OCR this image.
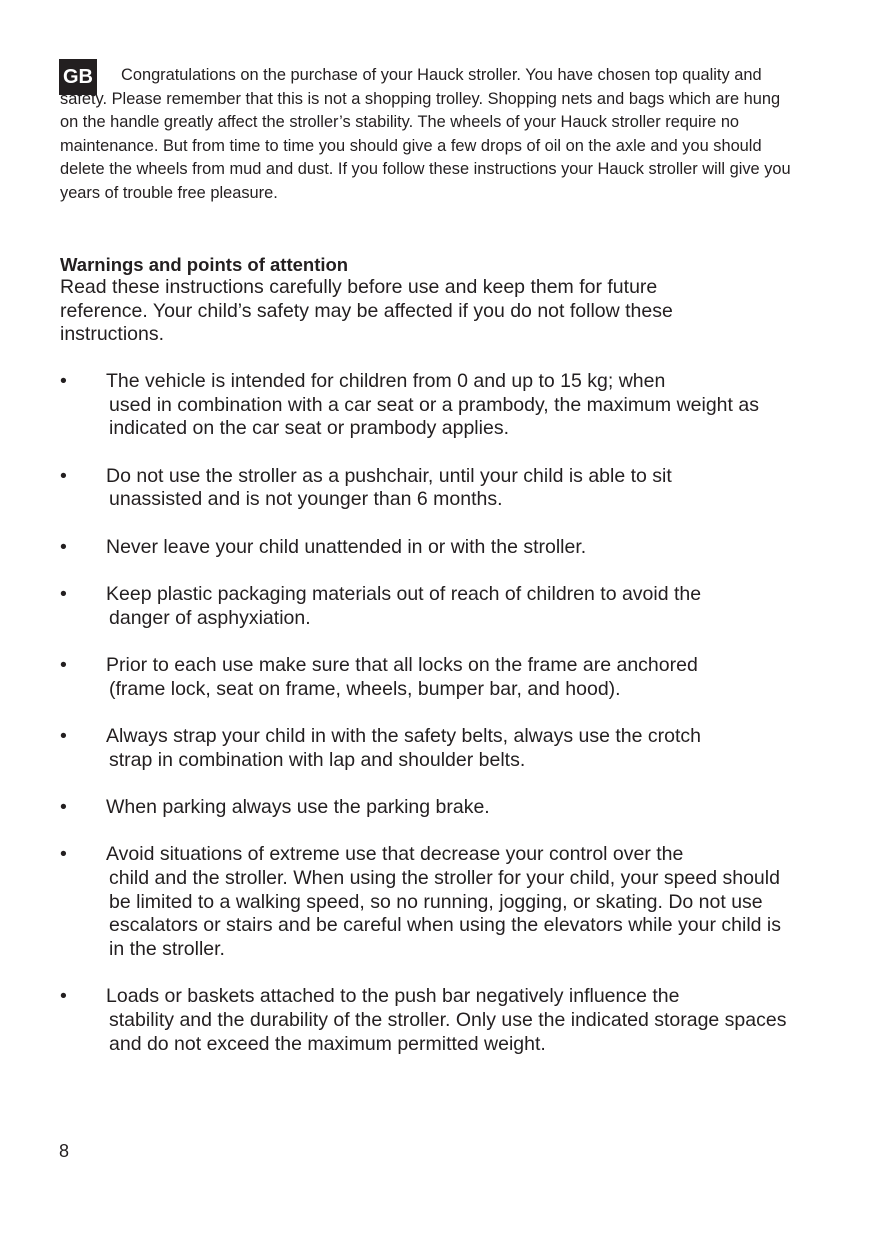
GB	Congratulations on the purchase of your Hauck stroller. You have chosen top quality and safety. Please remember that this is not a shopping trolley. Shopping nets and bags which are hung on the handle greatly affect the stroller’s stability. The wheels of your Hauck stroller require no maintenance. But from time to time you should give a few drops of oil on the axle and you should delete the wheels from mud and dust. If you follow these instructions your Hauck stroller will give you years of trouble free pleasure.

Warnings and points of attention

Read these instructions carefully before use and keep them for future reference. Your child’s safety may be affected if you do not follow these instructions.

•	The vehicle is intended for children from 0 and up to 15 kg; when
used in combination with a car seat or a prambody, the maximum weight as indicated on the car seat or prambody applies.
•	Do not use the stroller as a pushchair, until your child is able to sit
unassisted and is not younger than 6 months.
•	Never leave your child unattended in or with the stroller.
•	Keep plastic packaging materials out of reach of children to avoid the
danger of asphyxiation.
•	Prior to each use make sure that all locks on the frame are anchored
(frame lock, seat on frame, wheels, bumper bar, and hood).
•	Always strap your child in with the safety belts, always use the crotch
strap in combination with lap and shoulder belts.
•	When parking always use the parking brake.
•	Avoid situations of extreme use that decrease your control over the
child and the stroller. When using the stroller for your child, your speed should be limited to a walking speed, so no running, jogging, or skating. Do not use escalators or stairs and be careful when using the elevators while your child is in the stroller.
•	Loads or baskets attached to the push bar negatively influence the
stability and the durability of the stroller. Only use the indicated storage spaces and do not exceed the maximum permitted weight.
8
